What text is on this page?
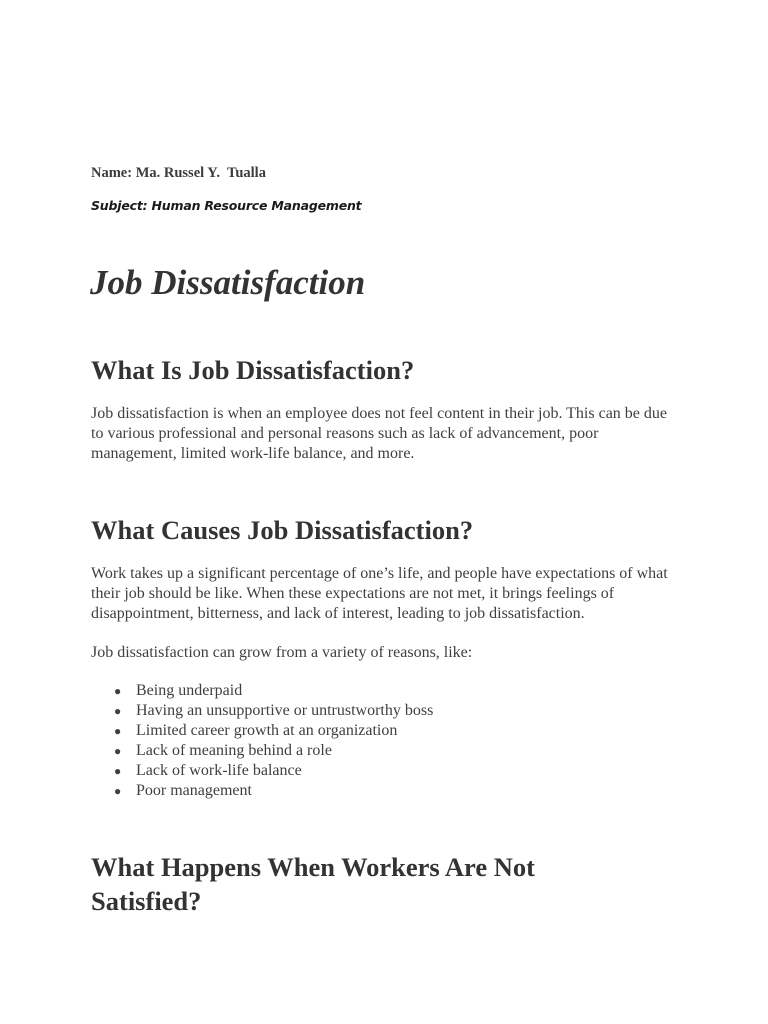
Name: Ma. Russel Y.  Tualla
Subject: Human Resource Management
Job Dissatisfaction
What Is Job Dissatisfaction?

Job dissatisfaction is when an employee does not feel content in their job. This can be due to various professional and personal reasons such as lack of advancement, poor management, limited work-life balance, and more.

What Causes Job Dissatisfaction?

Work takes up a significant percentage of one’s life, and people have expectations of what their job should be like. When these expectations are not met, it brings feelings of disappointment, bitterness, and lack of interest, leading to job dissatisfaction.

Job dissatisfaction can grow from a variety of reasons, like:

● Being underpaid
● Having an unsupportive or untrustworthy boss
● Limited career growth at an organization
● Lack of meaning behind a role
● Lack of work-life balance
● Poor management
What Happens When Workers Are Not Satisfied?
